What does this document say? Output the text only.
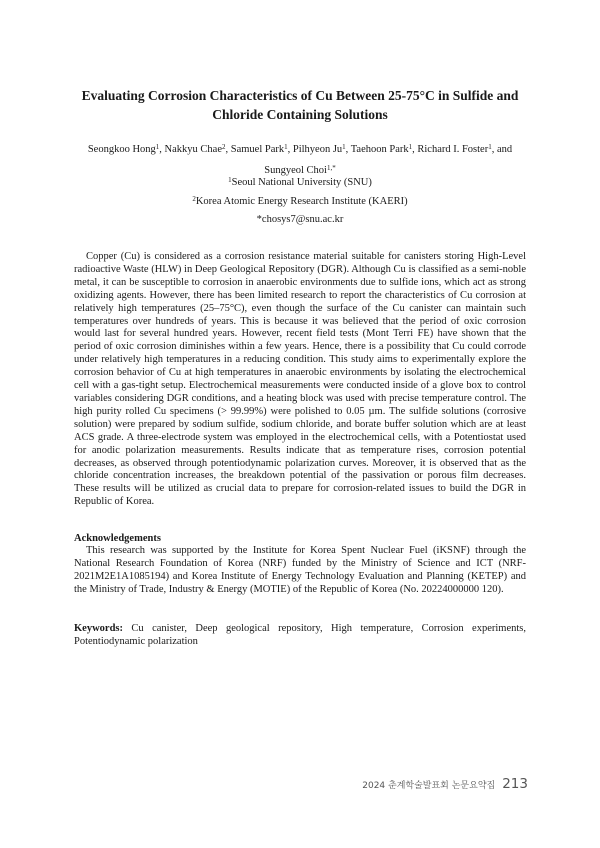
Evaluating Corrosion Characteristics of Cu Between 25-75°C in Sulfide and
Chloride Containing Solutions
Seongkoo Hong$^1$, Nakkyu Chae$^2$, Samuel Park$^1$, Pilhyeon Ju$^1$, Taehoon Park$^1$, Richard I. Foster$^1$, and
Sungyeol Choi$^{1,*}$
$^1$Seoul National University (SNU)
$^2$Korea Atomic Energy Research Institute (KAERI)
*chosys7@snu.ac.kr

Copper (Cu) is considered as a corrosion resistance material suitable for canisters storing High-Level radioactive Waste (HLW) in Deep Geological Repository (DGR). Although Cu is classified as a semi-noble metal, it can be susceptible to corrosion in anaerobic environments due to sulfide ions, which act as strong oxidizing agents. However, there has been limited research to report the characteristics of Cu corrosion at relatively high temperatures (25–75°C), even though the surface of the Cu canister can maintain such temperatures over hundreds of years. This is because it was believed that the period of oxic corrosion would last for several hundred years. However, recent field tests (Mont Terri FE) have shown that the period of oxic corrosion diminishes within a few years. Hence, there is a possibility that Cu could corrode under relatively high temperatures in a reducing condition. This study aims to experimentally explore the corrosion behavior of Cu at high temperatures in anaerobic environments by isolating the electrochemical cell with a gas-tight setup. Electrochemical measurements were conducted inside of a glove box to control variables considering DGR conditions, and a heating block was used with precise temperature control. The high purity rolled Cu specimens (> 99.99%) were polished to 0.05 µm. The sulfide solutions (corrosive solution) were prepared by sodium sulfide, sodium chloride, and borate buffer solution which are at least ACS grade. A three-electrode system was employed in the electrochemical cells, with a Potentiostat used for anodic polarization measurements. Results indicate that as temperature rises, corrosion potential decreases, as observed through potentiodynamic polarization curves. Moreover, it is observed that as the chloride concentration increases, the breakdown potential of the passivation or porous film decreases. These results will be utilized as crucial data to prepare for corrosion-related issues to build the DGR in Republic of Korea.

Acknowledgements

This research was supported by the Institute for Korea Spent Nuclear Fuel (iKSNF) through the National Research Foundation of Korea (NRF) funded by the Ministry of Science and ICT (NRF-2021M2E1A1085194) and Korea Institute of Energy Technology Evaluation and Planning (KETEP) and the Ministry of Trade, Industry & Energy (MOTIE) of the Republic of Korea (No. 20224000000 120).

Keywords: Cu canister, Deep geological repository, High temperature, Corrosion experiments, Potentiodynamic polarization

2024 춘계학술발표회 논문요약집 213
